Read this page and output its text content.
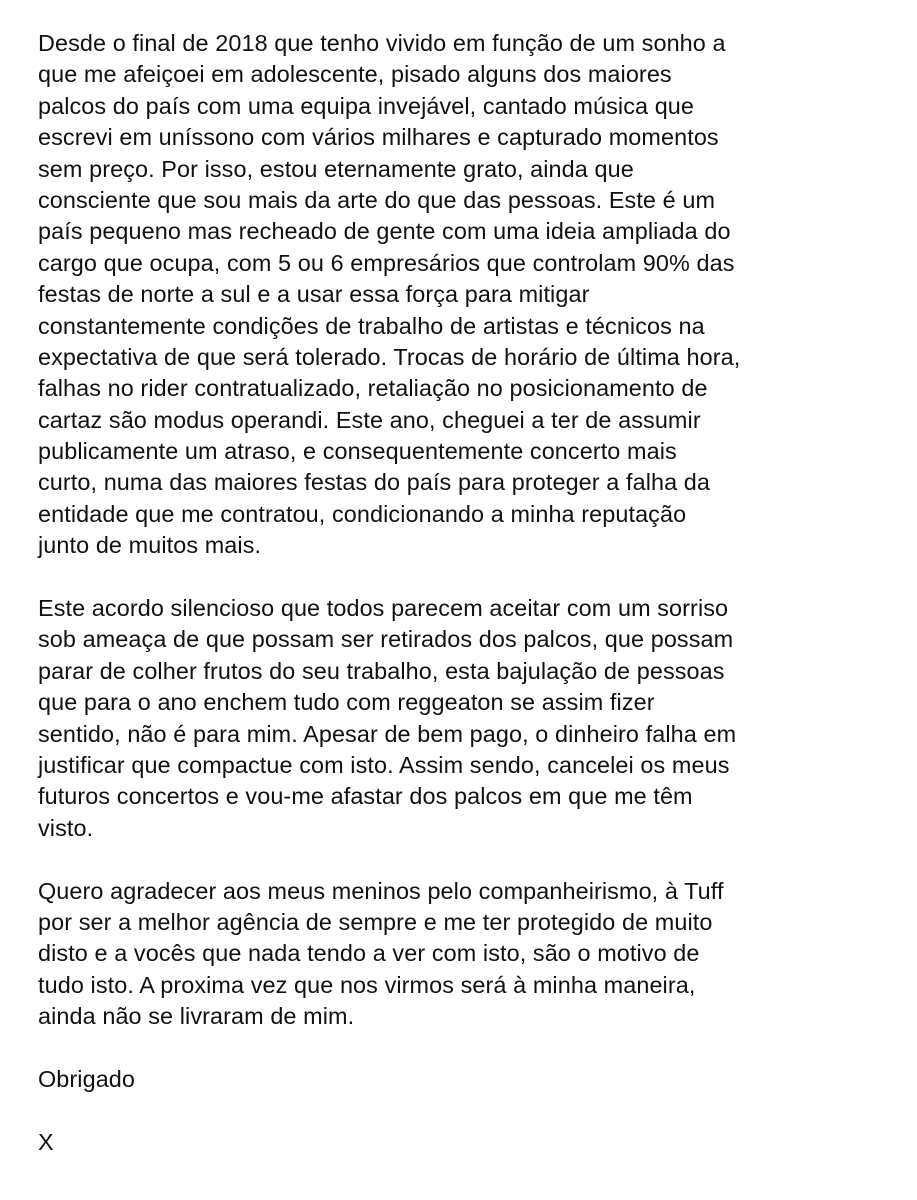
Desde o final de 2018 que tenho vivido em função de um sonho a
que me afeiçoei em adolescente, pisado alguns dos maiores
palcos do país com uma equipa invejável, cantado música que
escrevi em uníssono com vários milhares e capturado momentos
sem preço. Por isso, estou eternamente grato, ainda que
consciente que sou mais da arte do que das pessoas. Este é um
país pequeno mas recheado de gente com uma ideia ampliada do
cargo que ocupa, com 5 ou 6 empresários que controlam 90% das
festas de norte a sul e a usar essa força para mitigar
constantemente condições de trabalho de artistas e técnicos na
expectativa de que será tolerado. Trocas de horário de última hora,
falhas no rider contratualizado, retaliação no posicionamento de
cartaz são modus operandi. Este ano, cheguei a ter de assumir
publicamente um atraso, e consequentemente concerto mais
curto, numa das maiores festas do país para proteger a falha da
entidade que me contratou, condicionando a minha reputação
junto de muitos mais.
Este acordo silencioso que todos parecem aceitar com um sorriso
sob ameaça de que possam ser retirados dos palcos, que possam
parar de colher frutos do seu trabalho, esta bajulação de pessoas
que para o ano enchem tudo com reggeaton se assim fizer
sentido, não é para mim. Apesar de bem pago, o dinheiro falha em
justificar que compactue com isto. Assim sendo, cancelei os meus
futuros concertos e vou-me afastar dos palcos em que me têm
visto.
Quero agradecer aos meus meninos pelo companheirismo, à Tuff
por ser a melhor agência de sempre e me ter protegido de muito
disto e a vocês que nada tendo a ver com isto, são o motivo de
tudo isto. A proxima vez que nos virmos será à minha maneira,
ainda não se livraram de mim.
Obrigado
X
